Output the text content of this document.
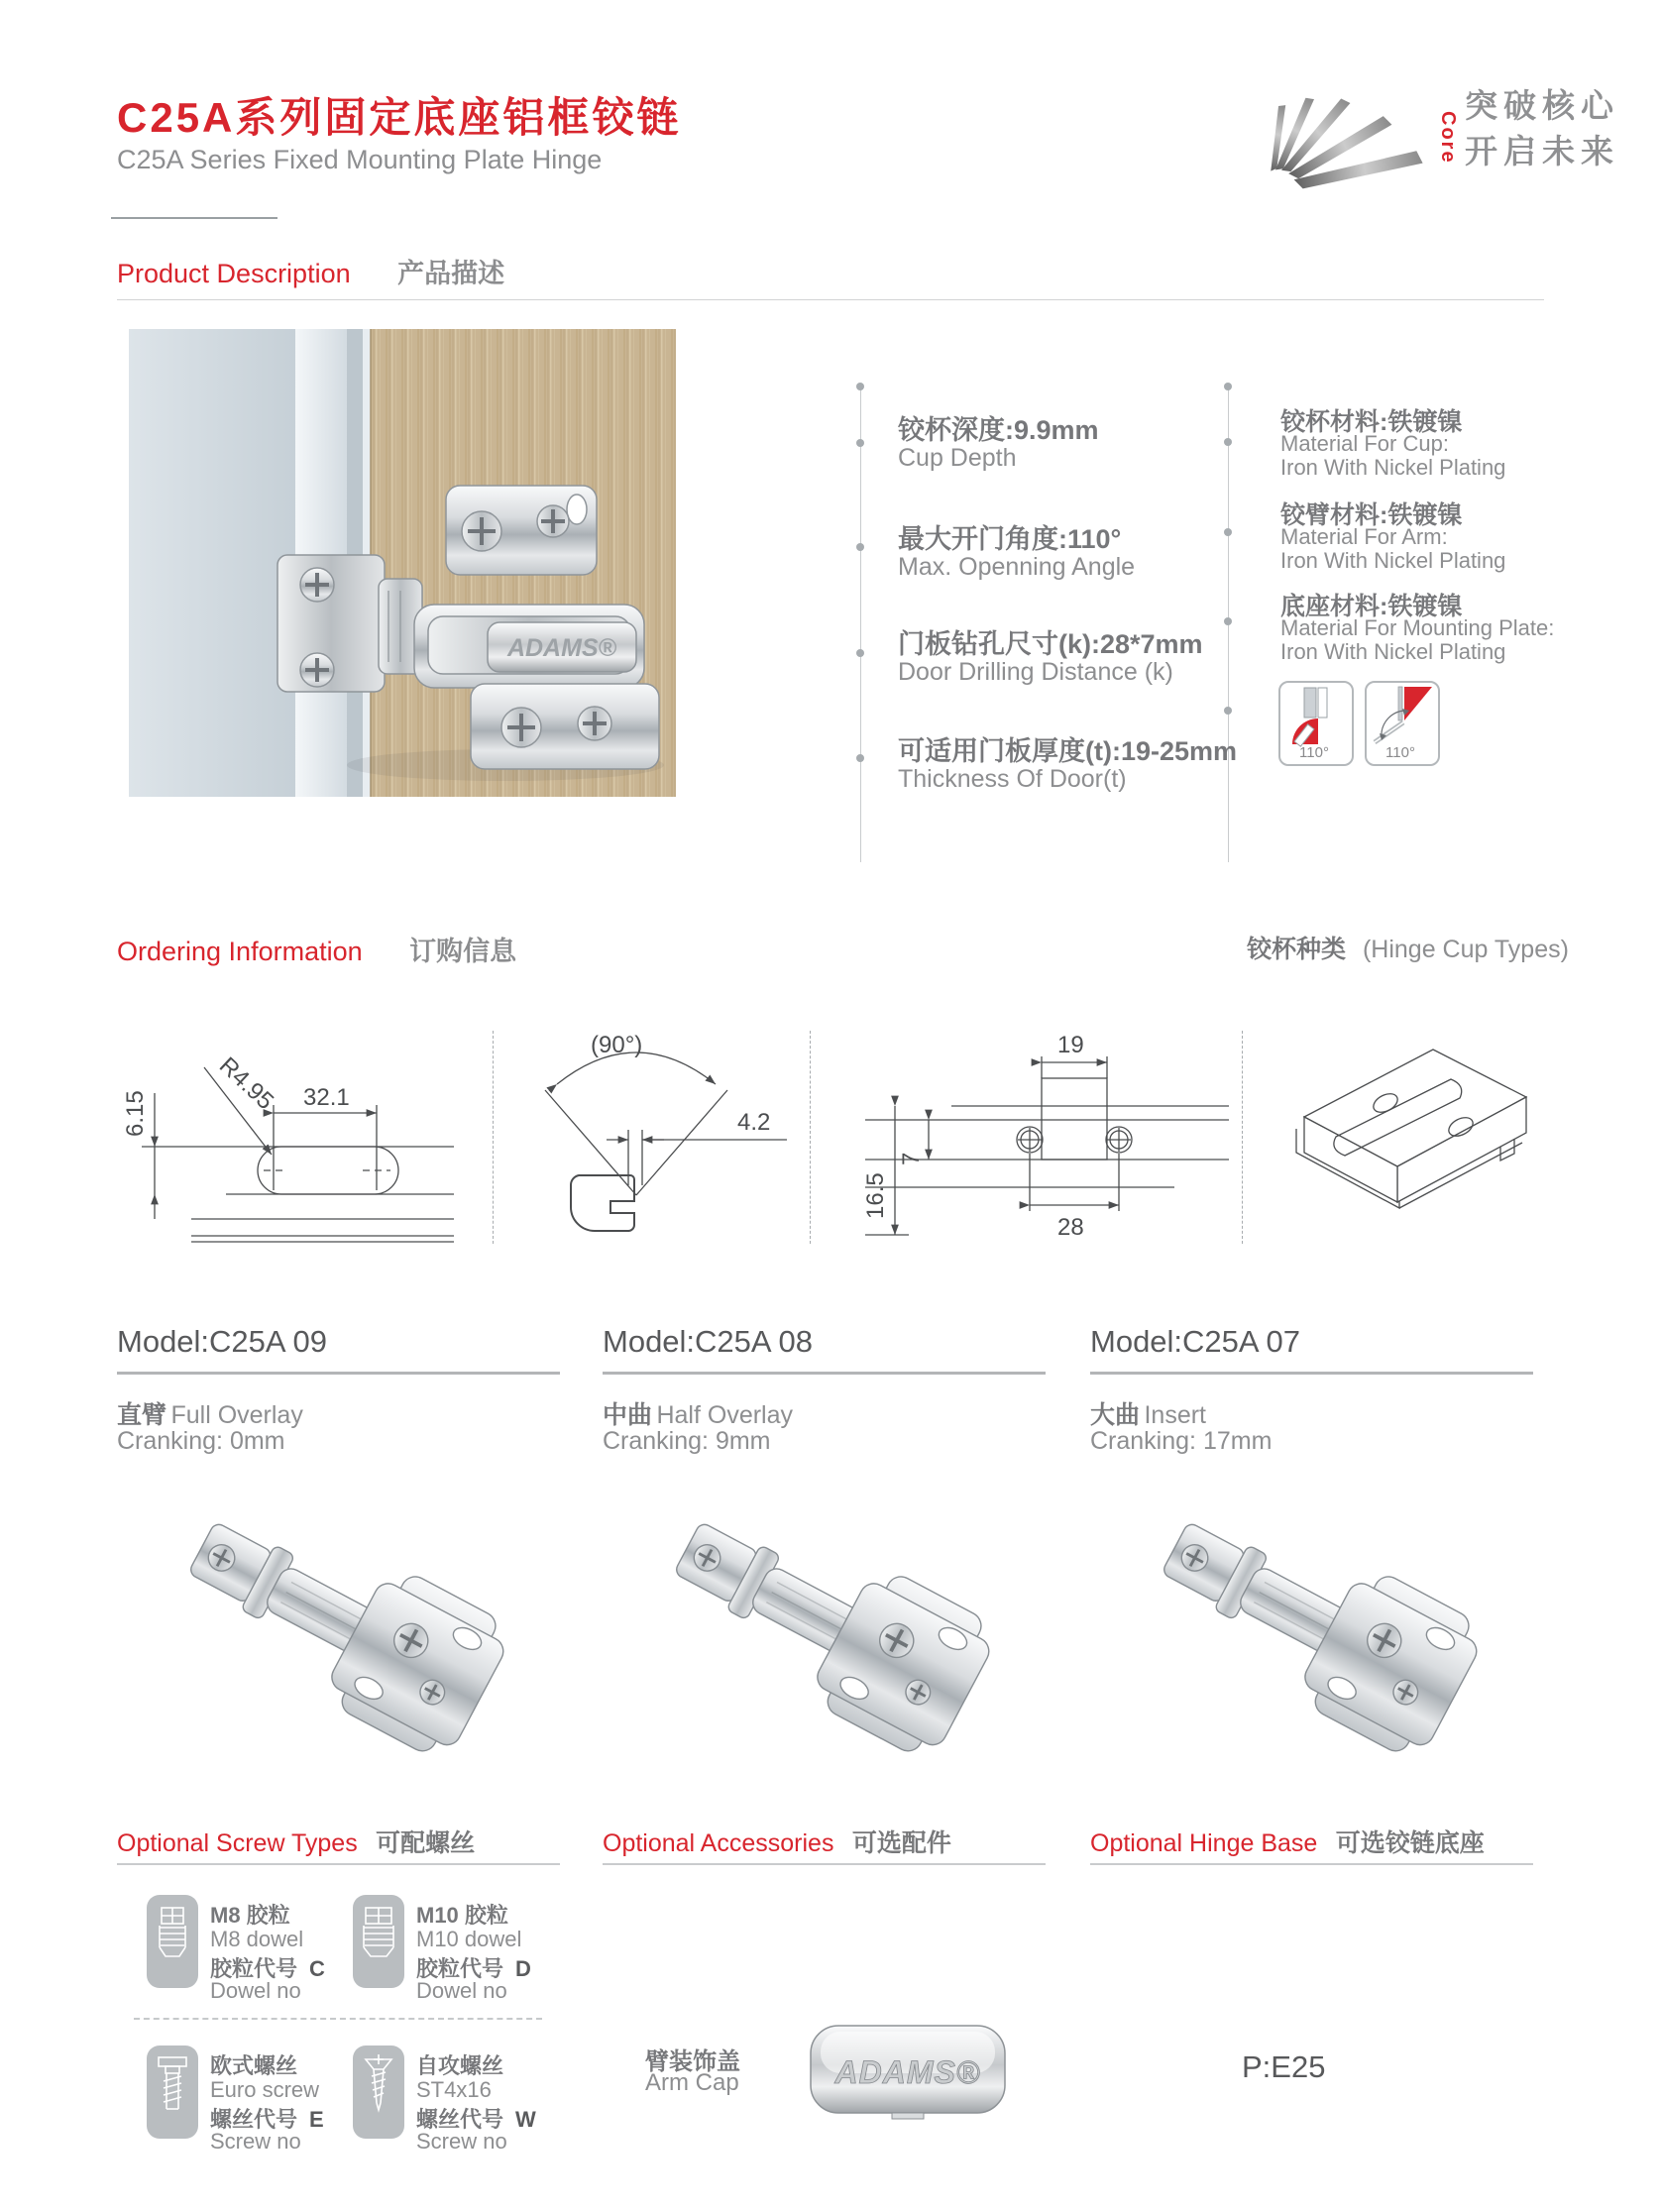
C25A系列固定底座铝框铰链
C25A Series Fixed Mounting Plate Hinge	Core
突破核心
开启未来
Product Description 产品描述
ADAMS®
铰杯深度:9.9mm
Cup Depth
最大开门角度:110°
Max. Openning Angle
门板钻孔尺寸(k):28*7mm
Door Drilling Distance (k)
可适用门板厚度(t):19-25mm
Thickness Of Door(t)
铰杯材料:铁镀镍
Material For Cup:
Iron With Nickel Plating
铰臂材料:铁镀镍
Material For Arm:
Iron With Nickel Plating
底座材料:铁镀镍
Material For Mounting Plate:
Iron With Nickel Plating
110°	110°
Ordering Information 订购信息	铰杯种类 (Hinge Cup Types)
6.15	R4.95 32.1
(90°)
4.2
19
28
16.5
7
Model:C25A 09
直臂 Full Overlay
Cranking: 0mm
Model:C25A 08
中曲 Half Overlay
Cranking: 9mm
Model:C25A 07
大曲 Insert
Cranking: 17mm
Optional Screw Types 可配螺丝	Optional Accessories 可选配件	Optional Hinge Base 可选铰链底座
M8 胶粒
M8 dowel
胶粒代号 C
Dowel no
M10 胶粒
M10 dowel
胶粒代号 D
Dowel no
欧式螺丝
Euro screw
螺丝代号 E
Screw no
自攻螺丝
ST4x16
螺丝代号 W
Screw no
臂装饰盖
Arm Cap	ADAMS®	P:E25
